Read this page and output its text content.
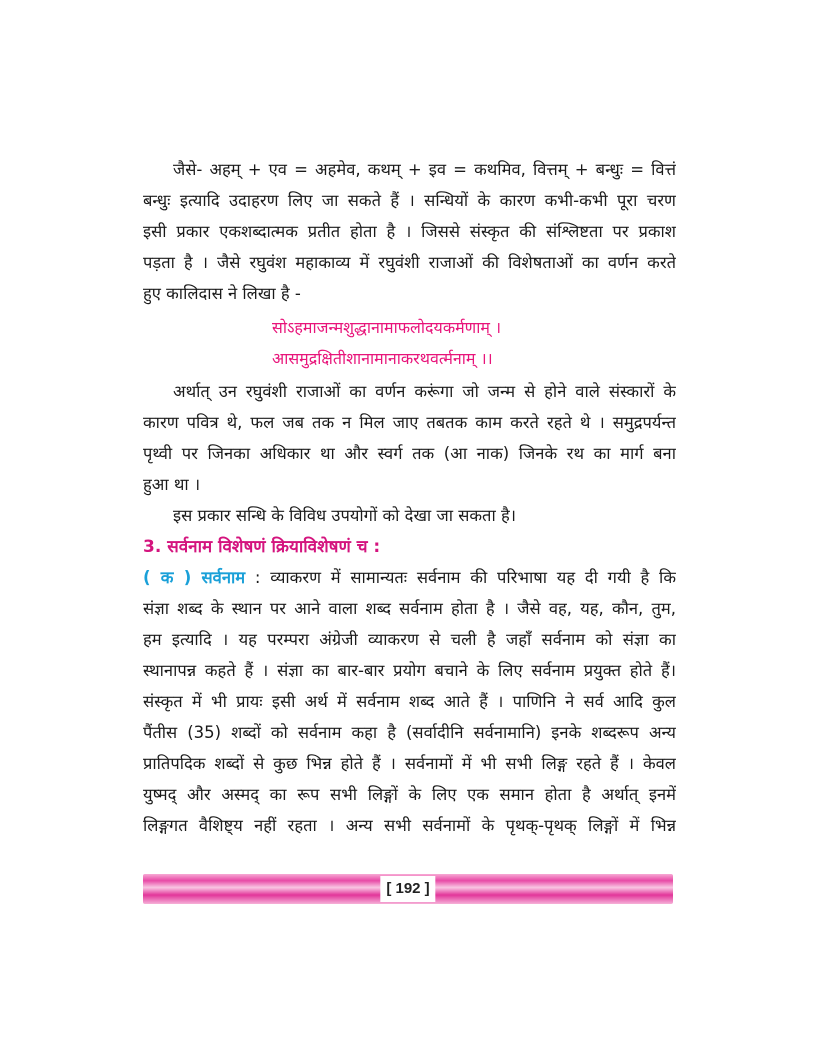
जैसे- अहम् + एव = अहमेव, कथम् + इव = कथमिव, वित्तम् + बन्धुः = वित्तं
बन्धुः इत्यादि उदाहरण लिए जा सकते हैं । सन्धियों के कारण कभी-कभी पूरा चरण
इसी प्रकार एकशब्दात्मक प्रतीत होता है । जिससे संस्कृत की संश्लिष्टता पर प्रकाश
पड़ता है । जैसे रघुवंश महाकाव्य में रघुवंशी राजाओं की विशेषताओं का वर्णन करते
हुए कालिदास ने लिखा है -
सोऽहमाजन्मशुद्धानामाफलोदयकर्मणाम् ।
आसमुद्रक्षितीशानामानाकरथवर्त्मनाम् ।।
अर्थात् उन रघुवंशी राजाओं का वर्णन करूंगा जो जन्म से होने वाले संस्कारों के
कारण पवित्र थे, फल जब तक न मिल जाए तबतक काम करते रहते थे । समुद्रपर्यन्त
पृथ्वी पर जिनका अधिकार था और स्वर्ग तक (आ नाक) जिनके रथ का मार्ग बना
हुआ था ।
इस प्रकार सन्धि के विविध उपयोगों को देखा जा सकता है।
3. सर्वनाम विशेषणं क्रियाविशेषणं च :
( क ) सर्वनाम : व्याकरण में सामान्यतः सर्वनाम की परिभाषा यह दी गयी है कि
संज्ञा शब्द के स्थान पर आने वाला शब्द सर्वनाम होता है । जैसे वह, यह, कौन, तुम,
हम इत्यादि । यह परम्परा अंग्रेजी व्याकरण से चली है जहाँ सर्वनाम को संज्ञा का
स्थानापन्न कहते हैं । संज्ञा का बार-बार प्रयोग बचाने के लिए सर्वनाम प्रयुक्त होते हैं।
संस्कृत में भी प्रायः इसी अर्थ में सर्वनाम शब्द आते हैं । पाणिनि ने सर्व आदि कुल
पैंतीस (35) शब्दों को सर्वनाम कहा है (सर्वादीनि सर्वनामानि) इनके शब्दरूप अन्य
प्रातिपदिक शब्दों से कुछ भिन्न होते हैं । सर्वनामों में भी सभी लिङ्ग रहते हैं । केवल
युष्मद् और अस्मद् का रूप सभी लिङ्गों के लिए एक समान होता है अर्थात् इनमें
लिङ्गगत वैशिष्ट्य नहीं रहता । अन्य सभी सर्वनामों के पृथक्-पृथक् लिङ्गों में भिन्न
[ 192 ]
